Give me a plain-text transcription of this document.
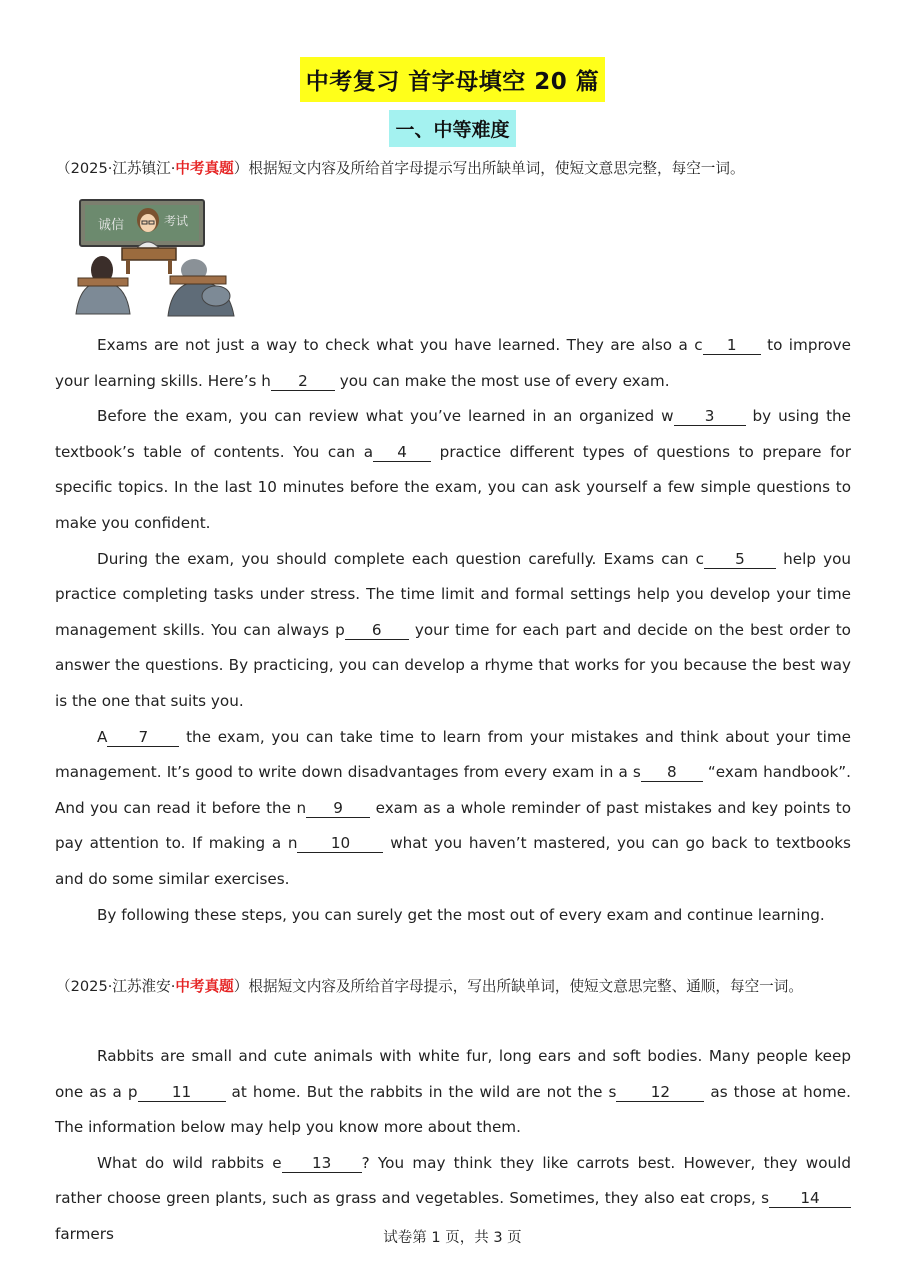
中考复习 首字母填空 20 篇
一、中等难度
（2025·江苏镇江·中考真题）根据短文内容及所给首字母提示写出所缺单词，使短文意思完整，每空一词。
诚信	考试

Exams are not just a way to check what you have learned. They are also a c 1 to improve your learning skills. Here’s h 2 you can make the most use of every exam.

Before the exam, you can review what you’ve learned in an organized w 3 by using the textbook’s table of contents. You can a 4 practice different types of questions to prepare for specific topics. In the last 10 minutes before the exam, you can ask yourself a few simple questions to make you confident.

During the exam, you should complete each question carefully. Exams can c 5 help you practice completing tasks under stress. The time limit and formal settings help you develop your time management skills. You can always p 6 your time for each part and decide on the best order to answer the questions. By practicing, you can develop a rhyme that works for you because the best way is the one that suits you.

A 7 the exam, you can take time to learn from your mistakes and think about your time management. It’s good to write down disadvantages from every exam in a s 8 “exam handbook”. And you can read it before the n 9 exam as a whole reminder of past mistakes and key points to pay attention to. If making a n 10 what you haven’t mastered, you can go back to textbooks and do some similar exercises.

By following these steps, you can surely get the most out of every exam and continue learning.

（2025·江苏淮安·中考真题）根据短文内容及所给首字母提示，写出所缺单词，使短文意思完整、通顺，每空一词。

Rabbits are small and cute animals with white fur, long ears and soft bodies. Many people keep one as a p 11 at home. But the rabbits in the wild are not the s 12 as those at home. The information below may help you know more about them.

What do wild rabbits e 13 ? You may think they like carrots best. However, they would rather choose green plants, such as grass and vegetables. Sometimes, they also eat crops, s 14 farmers	试卷第 1 页，共 3 页
